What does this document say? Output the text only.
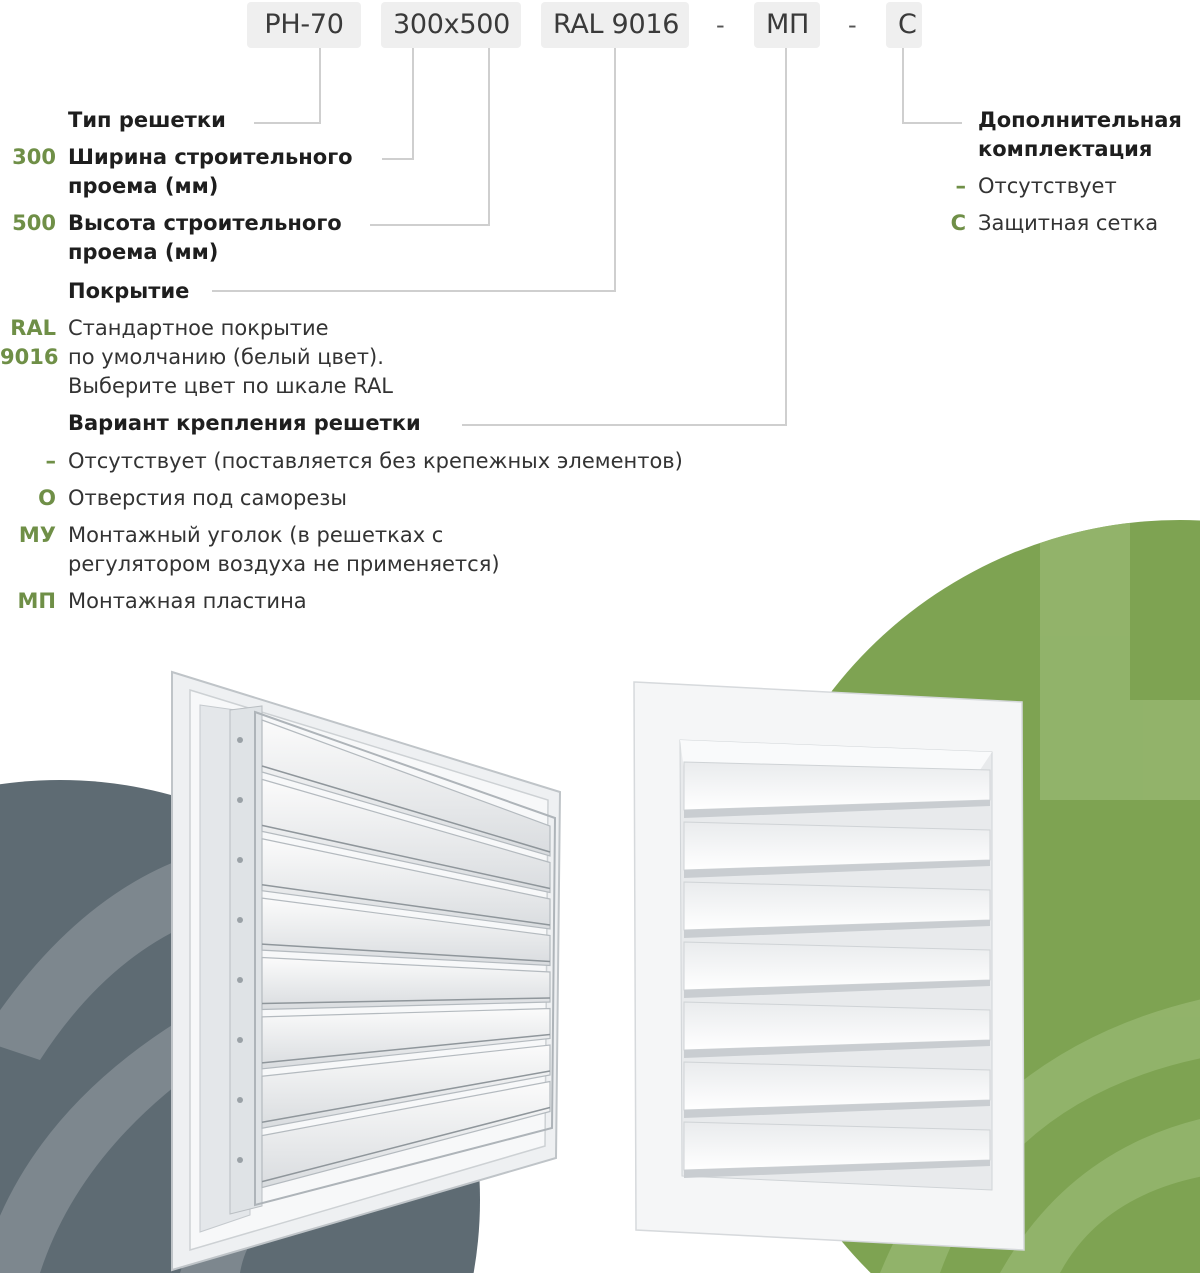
РН-70	300х500	RAL 9016	-	МП	-	С
Тип решетки
300 Ширина строительного
проема (мм)
500 Высота строительного
проема (мм)
Покрытие
RAL
9016
Стандартное покрытие
по умолчанию (белый цвет).
Выберите цвет по шкале RAL
Вариант крепления решетки
– Отсутствует (поставляется без крепежных элементов)
О Отверстия под саморезы
МУ Монтажный уголок (в решетках с
регулятором воздуха не применяется)
МП Монтажная пластина
Дополнительная
комплектация
– Отсутствует
С Защитная сетка
